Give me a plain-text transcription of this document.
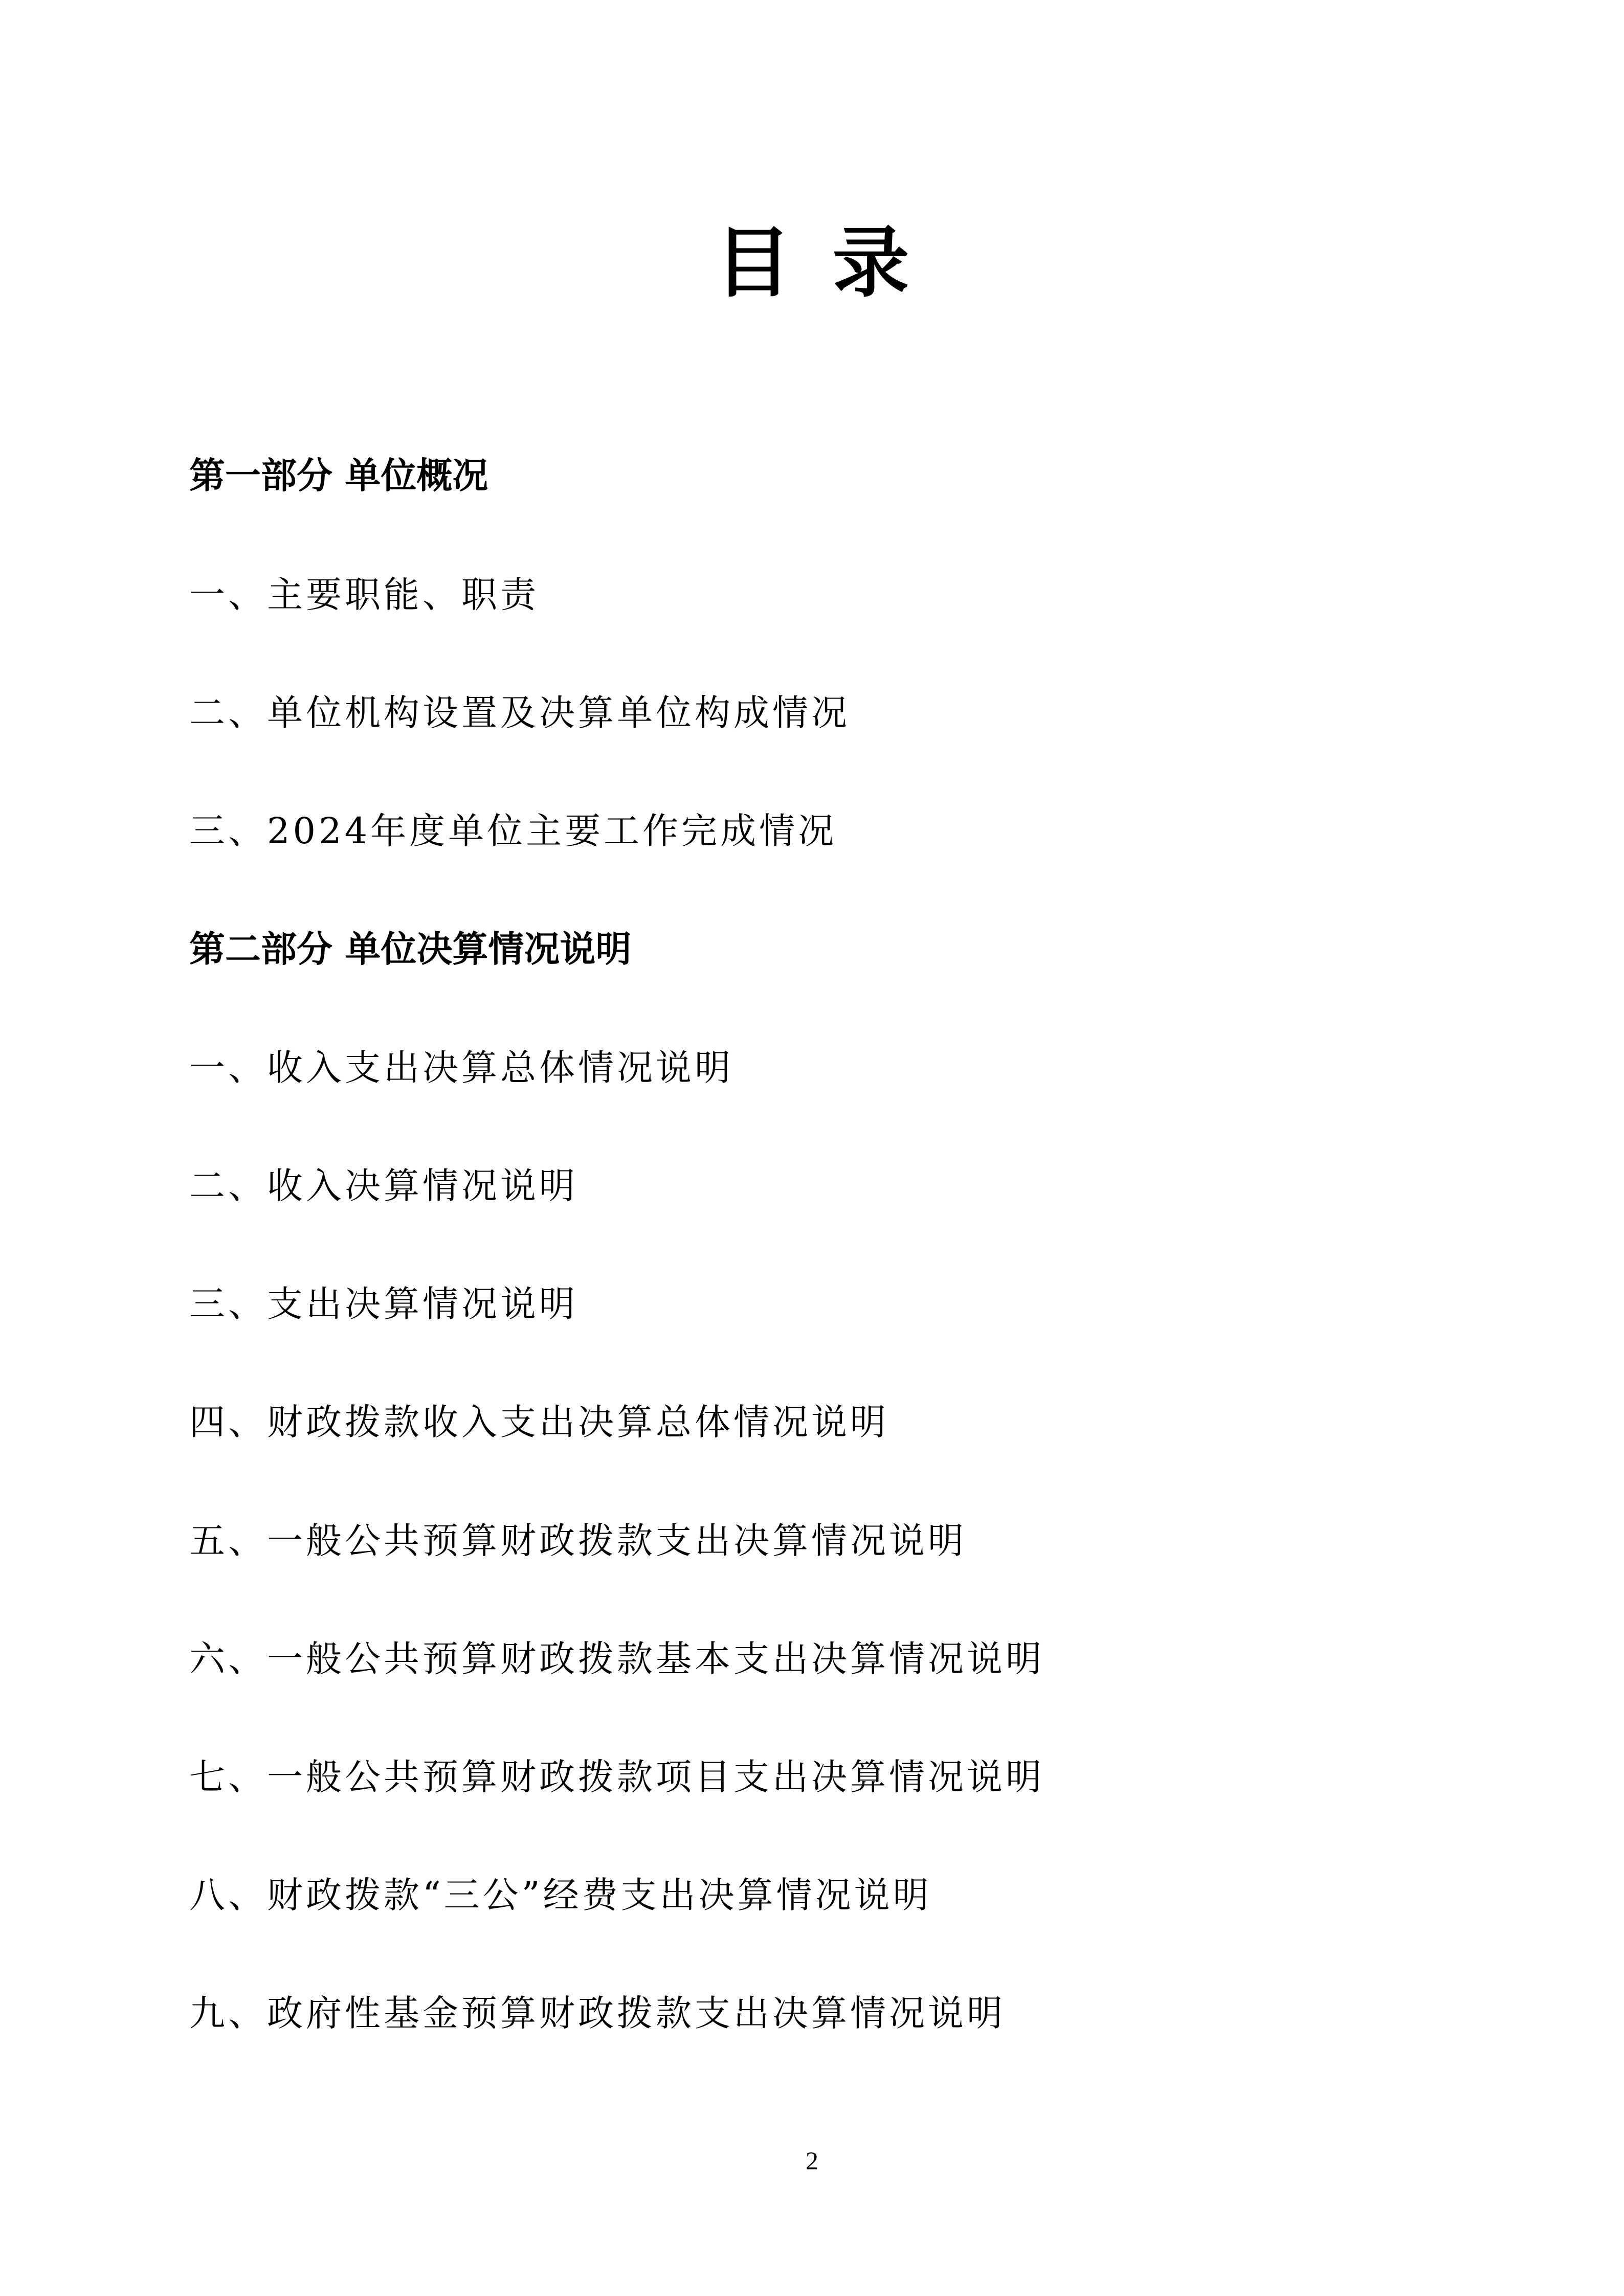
目录
第一部分 单位概况
一、主要职能、职责
二、单位机构设置及决算单位构成情况
三、2024年度单位主要工作完成情况
第二部分 单位决算情况说明
一、收入支出决算总体情况说明
二、收入决算情况说明
三、支出决算情况说明
四、财政拨款收入支出决算总体情况说明
五、一般公共预算财政拨款支出决算情况说明
六、一般公共预算财政拨款基本支出决算情况说明
七、一般公共预算财政拨款项目支出决算情况说明
八、财政拨款“三公”经费支出决算情况说明
九、政府性基金预算财政拨款支出决算情况说明
2
